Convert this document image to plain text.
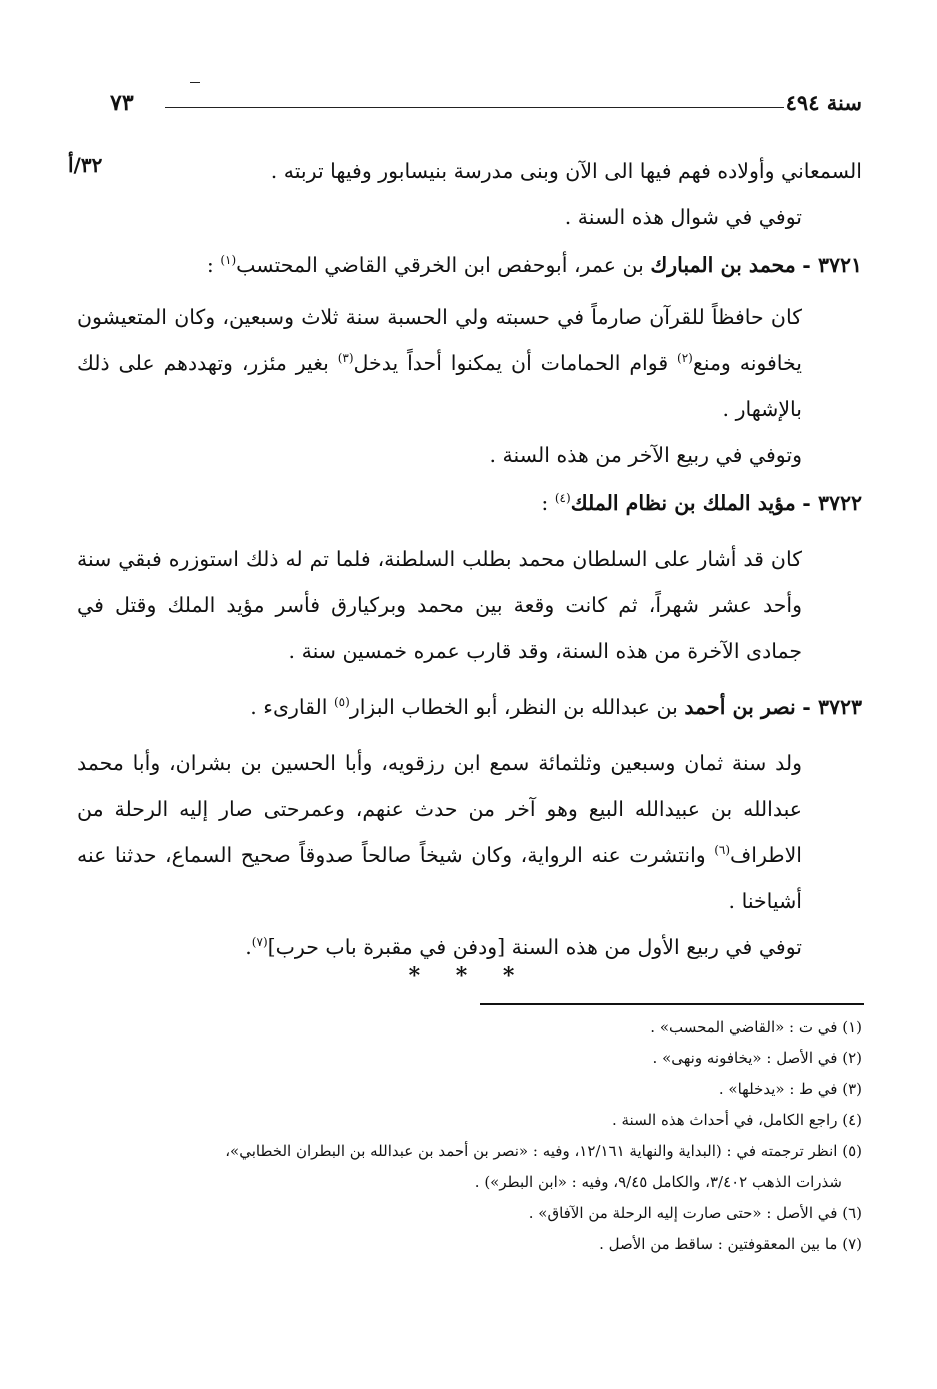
سنة ٤٩٤
٧٣
٣٢/أ	السمعاني وأولاده فهم فيها الى الآن وبنى مدرسة بنيسابور وفيها تربته .

توفي في شوال هذه السنة .

٣٧٢١ - محمد بن المبارك بن عمر، أبوحفص ابن الخرقي القاضي المحتسب$^{(١)}$ :

كان حافظاً للقرآن صارماً في حسبته ولي الحسبة سنة ثلاث وسبعين، وكان المتعيشون يخافونه ومنع$^{(٢)}$ قوام الحمامات أن يمكنوا أحداً يدخل$^{(٣)}$ بغير مئزر، وتهددهم على ذلك بالإشهار .

وتوفي في ربيع الآخر من هذه السنة .

٣٧٢٢ - مؤيد الملك بن نظام الملك$^{(٤)}$ :

كان قد أشار على السلطان محمد بطلب السلطنة، فلما تم له ذلك استوزره فبقي سنة وأحد عشر شهراً، ثم كانت وقعة بين محمد وبركيارق فأسر مؤيد الملك وقتل في جمادى الآخرة من هذه السنة، وقد قارب عمره خمسين سنة .

٣٧٢٣ - نصر بن أحمد بن عبدالله بن النظر، أبو الخطاب البزار$^{(٥)}$ القارىء .

ولد سنة ثمان وسبعين وثلثمائة سمع ابن رزقويه، وأبا الحسين بن بشران، وأبا محمد عبدالله بن عبيدالله البيع وهو آخر من حدث عنهم، وعمرحتى صار إليه الرحلة من الاطراف$^{(٦)}$ وانتشرت عنه الرواية، وكان شيخاً صالحاً صدوقاً صحيح السماع، حدثنا عنه أشياخنا .

توفي في ربيع الأول من هذه السنة [ودفن في مقبرة باب حرب]$^{(٧)}$.

* * *

(١) في ت : «القاضي المحسب» .

(٢) في الأصل : «يخافونه ونهى» .

(٣) في ط : «يدخلها» .

(٤) راجع الكامل، في أحداث هذه السنة .

(٥) انظر ترجمته في : (البداية والنهاية ١٢/١٦١، وفيه : «نصر بن أحمد بن عبدالله بن البطران الخطابي»،

شذرات الذهب ٣/٤٠٢، والكامل ٩/٤٥، وفيه : «ابن البطر») .

(٦) في الأصل : «حتى صارت إليه الرحلة من الآفاق» .

(٧) ما بين المعقوفتين : ساقط من الأصل .
